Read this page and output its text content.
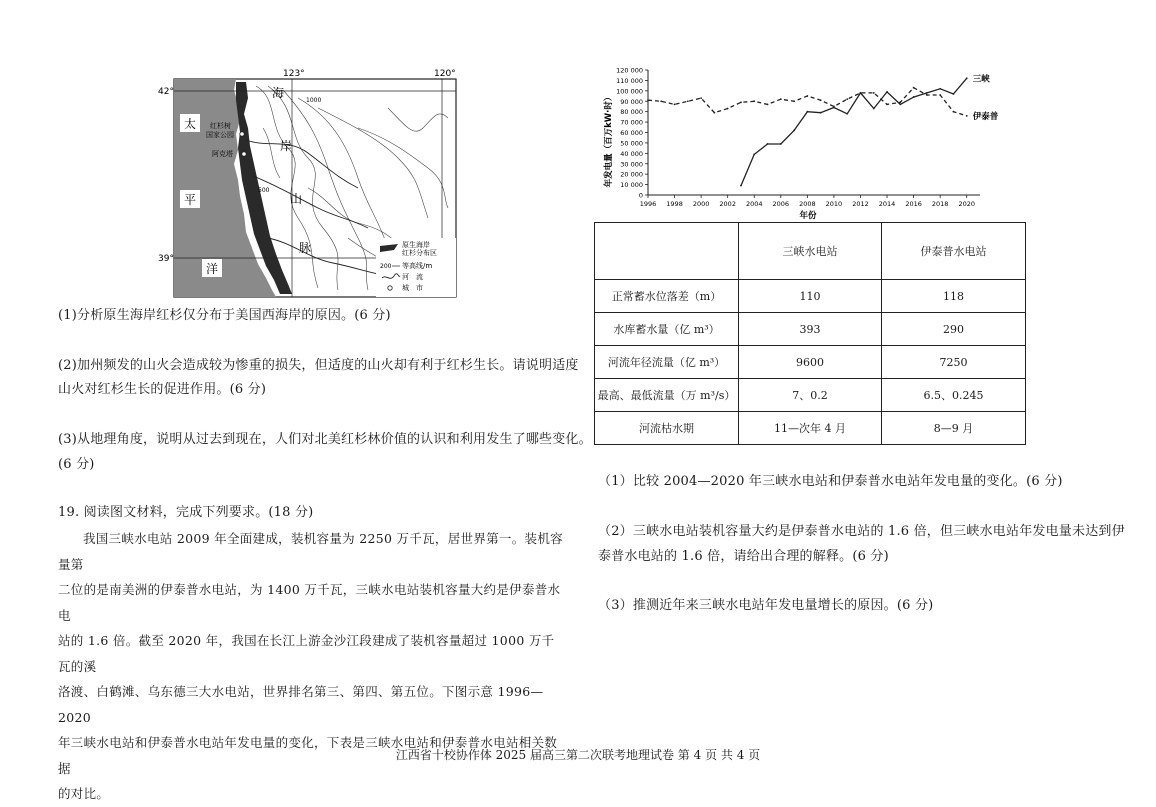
123°	120°
42°
39°
太
平
洋
海
岸
山
脉
红杉树
国家公园
阿克塔
500
1000
原生海岸
红杉分布区
200 等高线/m
河　流
城　市
(1)分析原生海岸红杉仅分布于美国西海岸的原因。(6 分)
(2)加州频发的山火会造成较为惨重的损失，但适度的山火却有利于红杉生长。请说明适度
山火对红杉生长的促进作用。(6 分)
(3)从地理角度，说明从过去到现在，人们对北美红杉林价值的认识和利用发生了哪些变化。
(6 分)
19. 阅读图文材料，完成下列要求。(18 分)
我国三峡水电站 2009 年全面建成，装机容量为 2250 万千瓦，居世界第一。装机容量第
二位的是南美洲的伊泰普水电站，为 1400 万千瓦，三峡水电站装机容量大约是伊泰普水电
站的 1.6 倍。截至 2020 年，我国在长江上游金沙江段建成了装机容量超过 1000 万千瓦的溪
洛渡、白鹤滩、乌东德三大水电站，世界排名第三、第四、第五位。下图示意 1996—2020
年三峡水电站和伊泰普水电站年发电量的变化，下表是三峡水电站和伊泰普水电站相关数据
的对比。
年发电量（百万kW·时）
年份
120 000
110 000
100 000
90 000
80 000
70 000
60 000
50 000
40 000
30 000
20 000
10 000
0
1996 1998 2000 2002 2004 2006 2008 2010 2012 2014 2016 2018 2020
三峡
伊泰普
	三峡水电站	伊泰普水电站
正常蓄水位落差（m）	110	118
水库蓄水量（亿 m³）	393	290
河流年径流量（亿 m³）	9600	7250
最高、最低流量（万 m³/s）	7、0.2	6.5、0.245
河流枯水期	11—次年 4 月	8—9 月
（1）比较 2004—2020 年三峡水电站和伊泰普水电站年发电量的变化。(6 分)
（2）三峡水电站装机容量大约是伊泰普水电站的 1.6 倍，但三峡水电站年发电量未达到伊
泰普水电站的 1.6 倍，请给出合理的解释。(6 分)
（3）推测近年来三峡水电站年发电量增长的原因。(6 分)
江西省十校协作体 2025 届高三第二次联考地理试卷 第 4 页 共 4 页
